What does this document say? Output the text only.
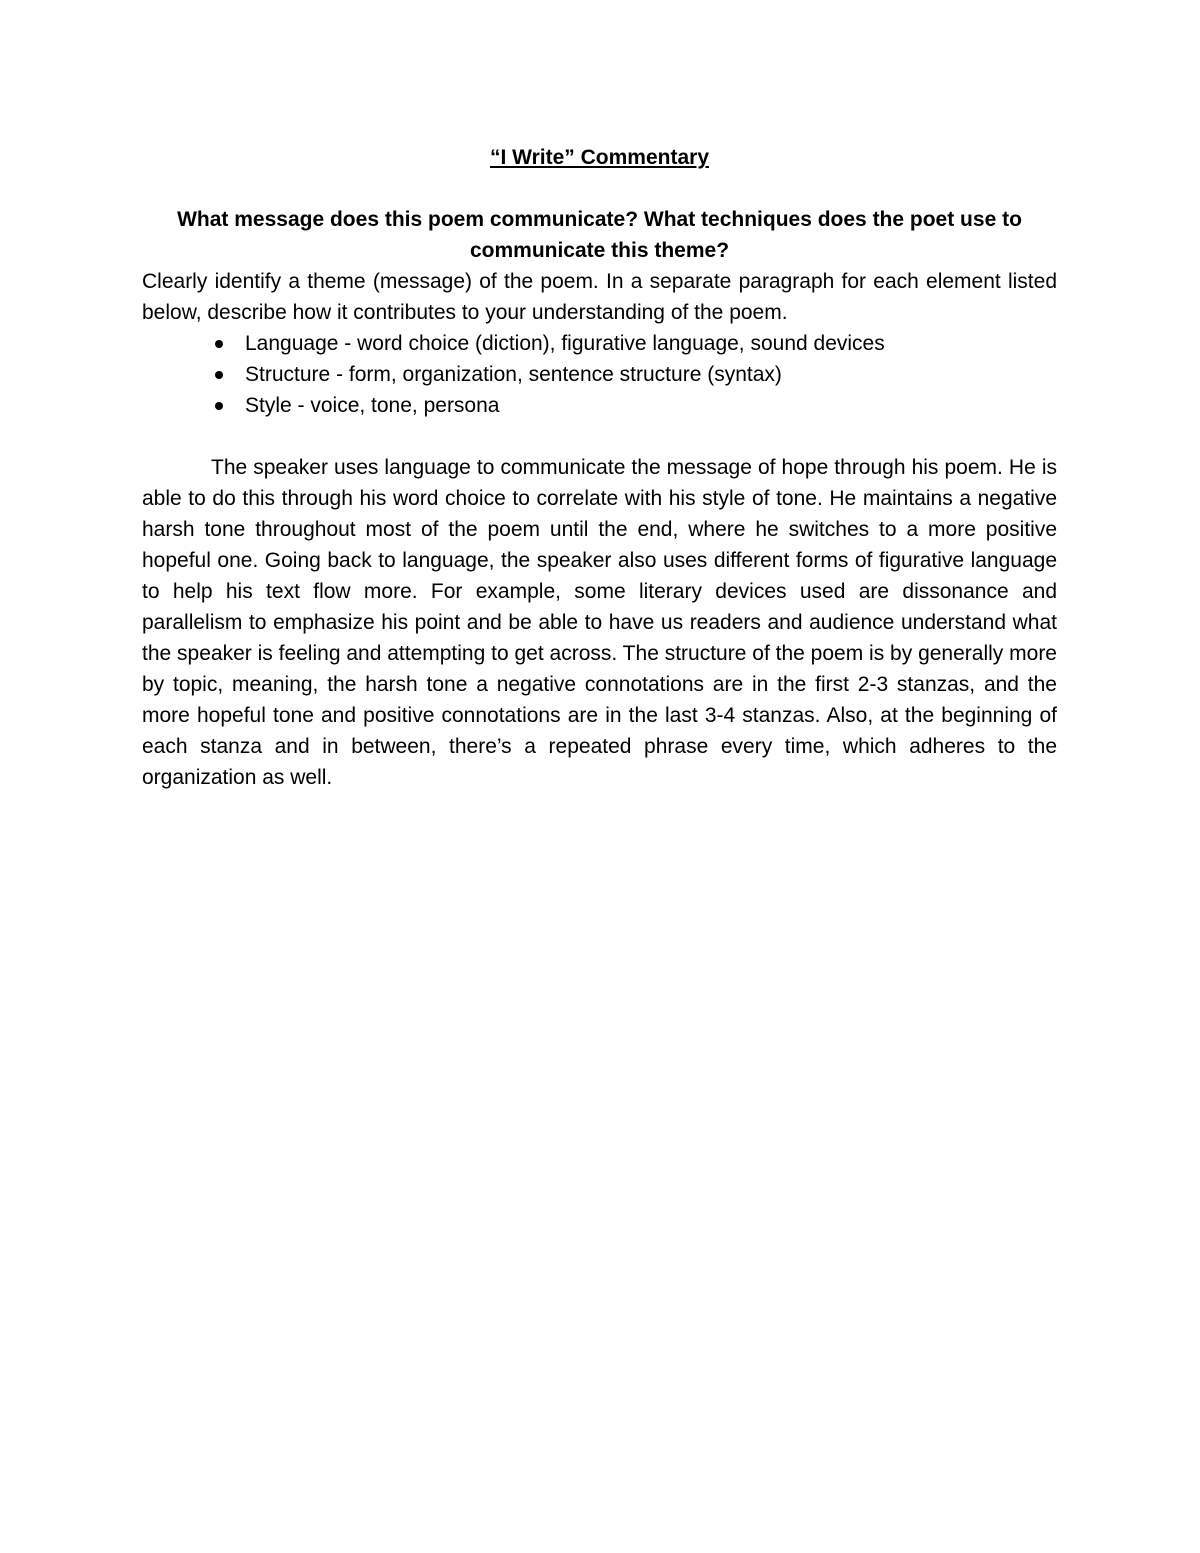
“I Write” Commentary

What message does this poem communicate? What techniques does the poet use to
communicate this theme?

Clearly identify a theme (message) of the poem. In a separate paragraph for each element listed below, describe how it contributes to your understanding of the poem.

Language - word choice (diction), figurative language, sound devices
Structure - form, organization, sentence structure (syntax)
Style - voice, tone, persona

The speaker uses language to communicate the message of hope through his poem. He is able to do this through his word choice to correlate with his style of tone. He maintains a negative harsh tone throughout most of the poem until the end, where he switches to a more positive hopeful one. Going back to language, the speaker also uses different forms of figurative language to help his text flow more. For example, some literary devices used are dissonance and parallelism to emphasize his point and be able to have us readers and audience understand what the speaker is feeling and attempting to get across. The structure of the poem is by generally more by topic, meaning, the harsh tone a negative connotations are in the first 2-3 stanzas, and the more hopeful tone and positive connotations are in the last 3-4 stanzas. Also, at the beginning of each stanza and in between, there’s a repeated phrase every time, which adheres to the organization as well.
